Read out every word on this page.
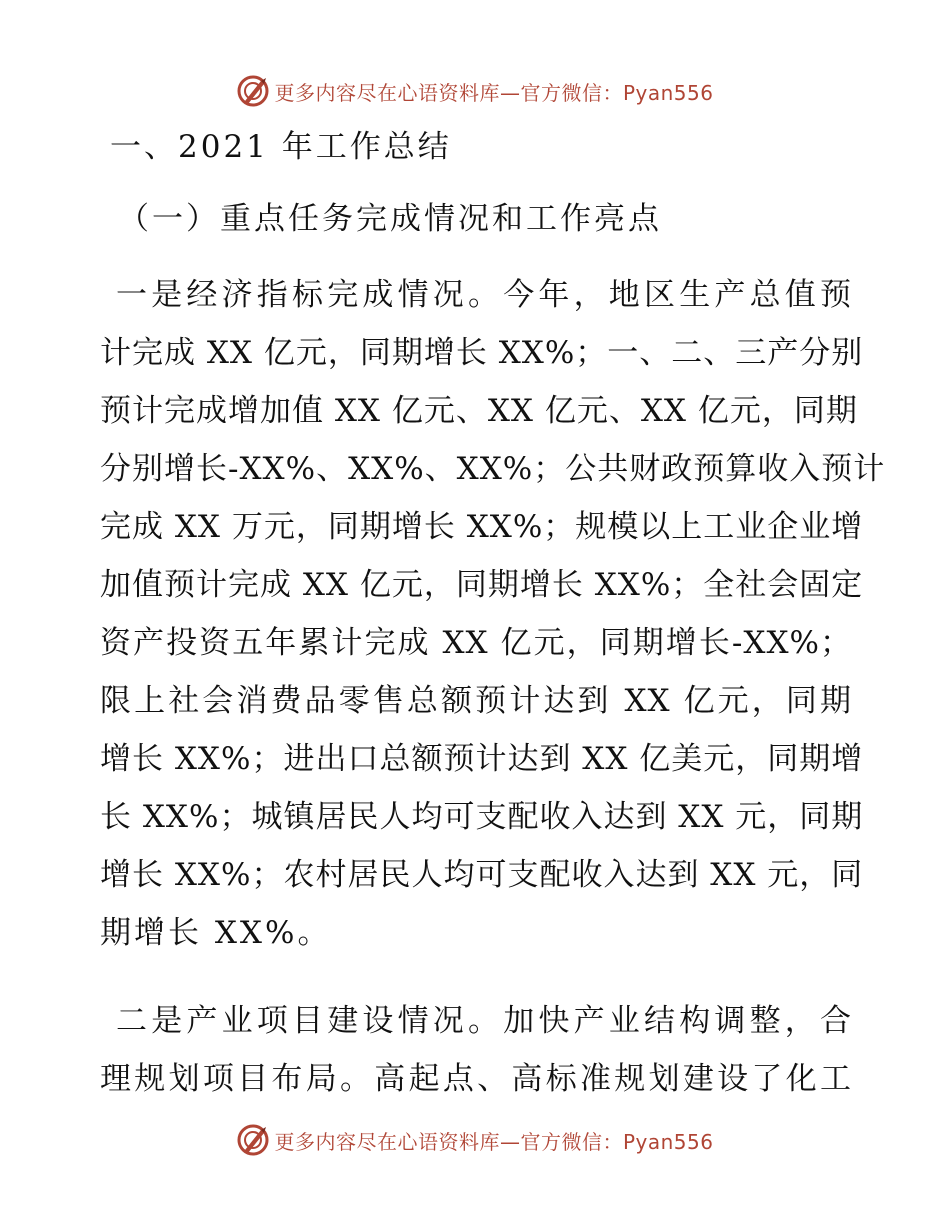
更多内容尽在心语资料库—官方微信：Pyan556
一、2021 年工作总结
（一）重点任务完成情况和工作亮点
一是经济指标完成情况。今年，地区生产总值预
计完成 XX 亿元，同期增长 XX%；一、二、三产分别
预计完成增加值 XX 亿元、XX 亿元、XX 亿元，同期
分别增长-XX%、XX%、XX%；公共财政预算收入预计
完成 XX 万元，同期增长 XX%；规模以上工业企业增
加值预计完成 XX 亿元，同期增长 XX%；全社会固定
资产投资五年累计完成 XX 亿元，同期增长-XX%；
限上社会消费品零售总额预计达到 XX 亿元，同期
增长 XX%；进出口总额预计达到 XX 亿美元，同期增
长 XX%；城镇居民人均可支配收入达到 XX 元，同期
增长 XX%；农村居民人均可支配收入达到 XX 元，同
期增长 XX%。
二是产业项目建设情况。加快产业结构调整，合
理规划项目布局。高起点、高标准规划建设了化工
更多内容尽在心语资料库—官方微信：Pyan556
